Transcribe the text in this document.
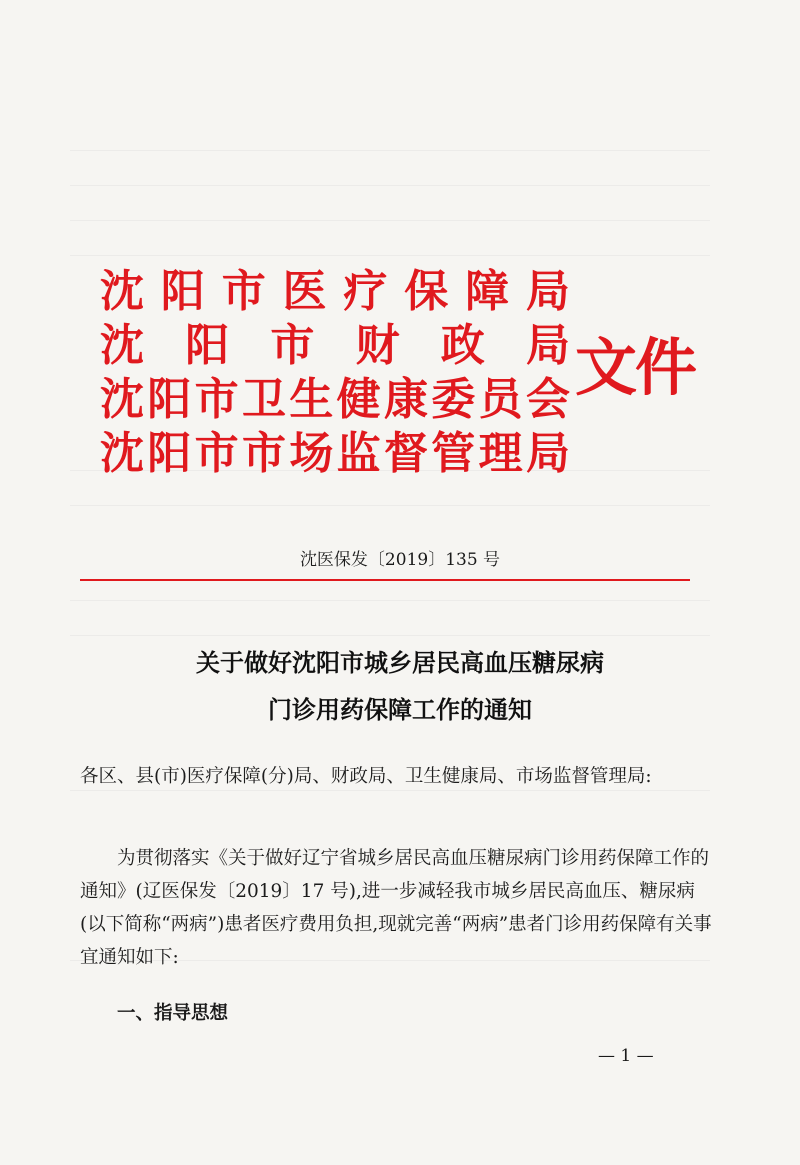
沈 阳 市 医 疗 保 障 局
沈 阳 市 财 政 局
沈 阳 市 卫 生 健 康 委 员 会
沈 阳 市 市 场 监 督 管 理 局
文件
沈医保发〔2019〕135 号
关于做好沈阳市城乡居民高血压糖尿病
门诊用药保障工作的通知
各区、县(市)医疗保障(分)局、财政局、卫生健康局、市场监督管理局:
为贯彻落实《关于做好辽宁省城乡居民高血压糖尿病门诊用药保障工作的通知》(辽医保发〔2019〕17 号),进一步减轻我市城乡居民高血压、糖尿病(以下简称“两病”)患者医疗费用负担,现就完善“两病”患者门诊用药保障有关事宜通知如下:
一、指导思想
— 1 —
